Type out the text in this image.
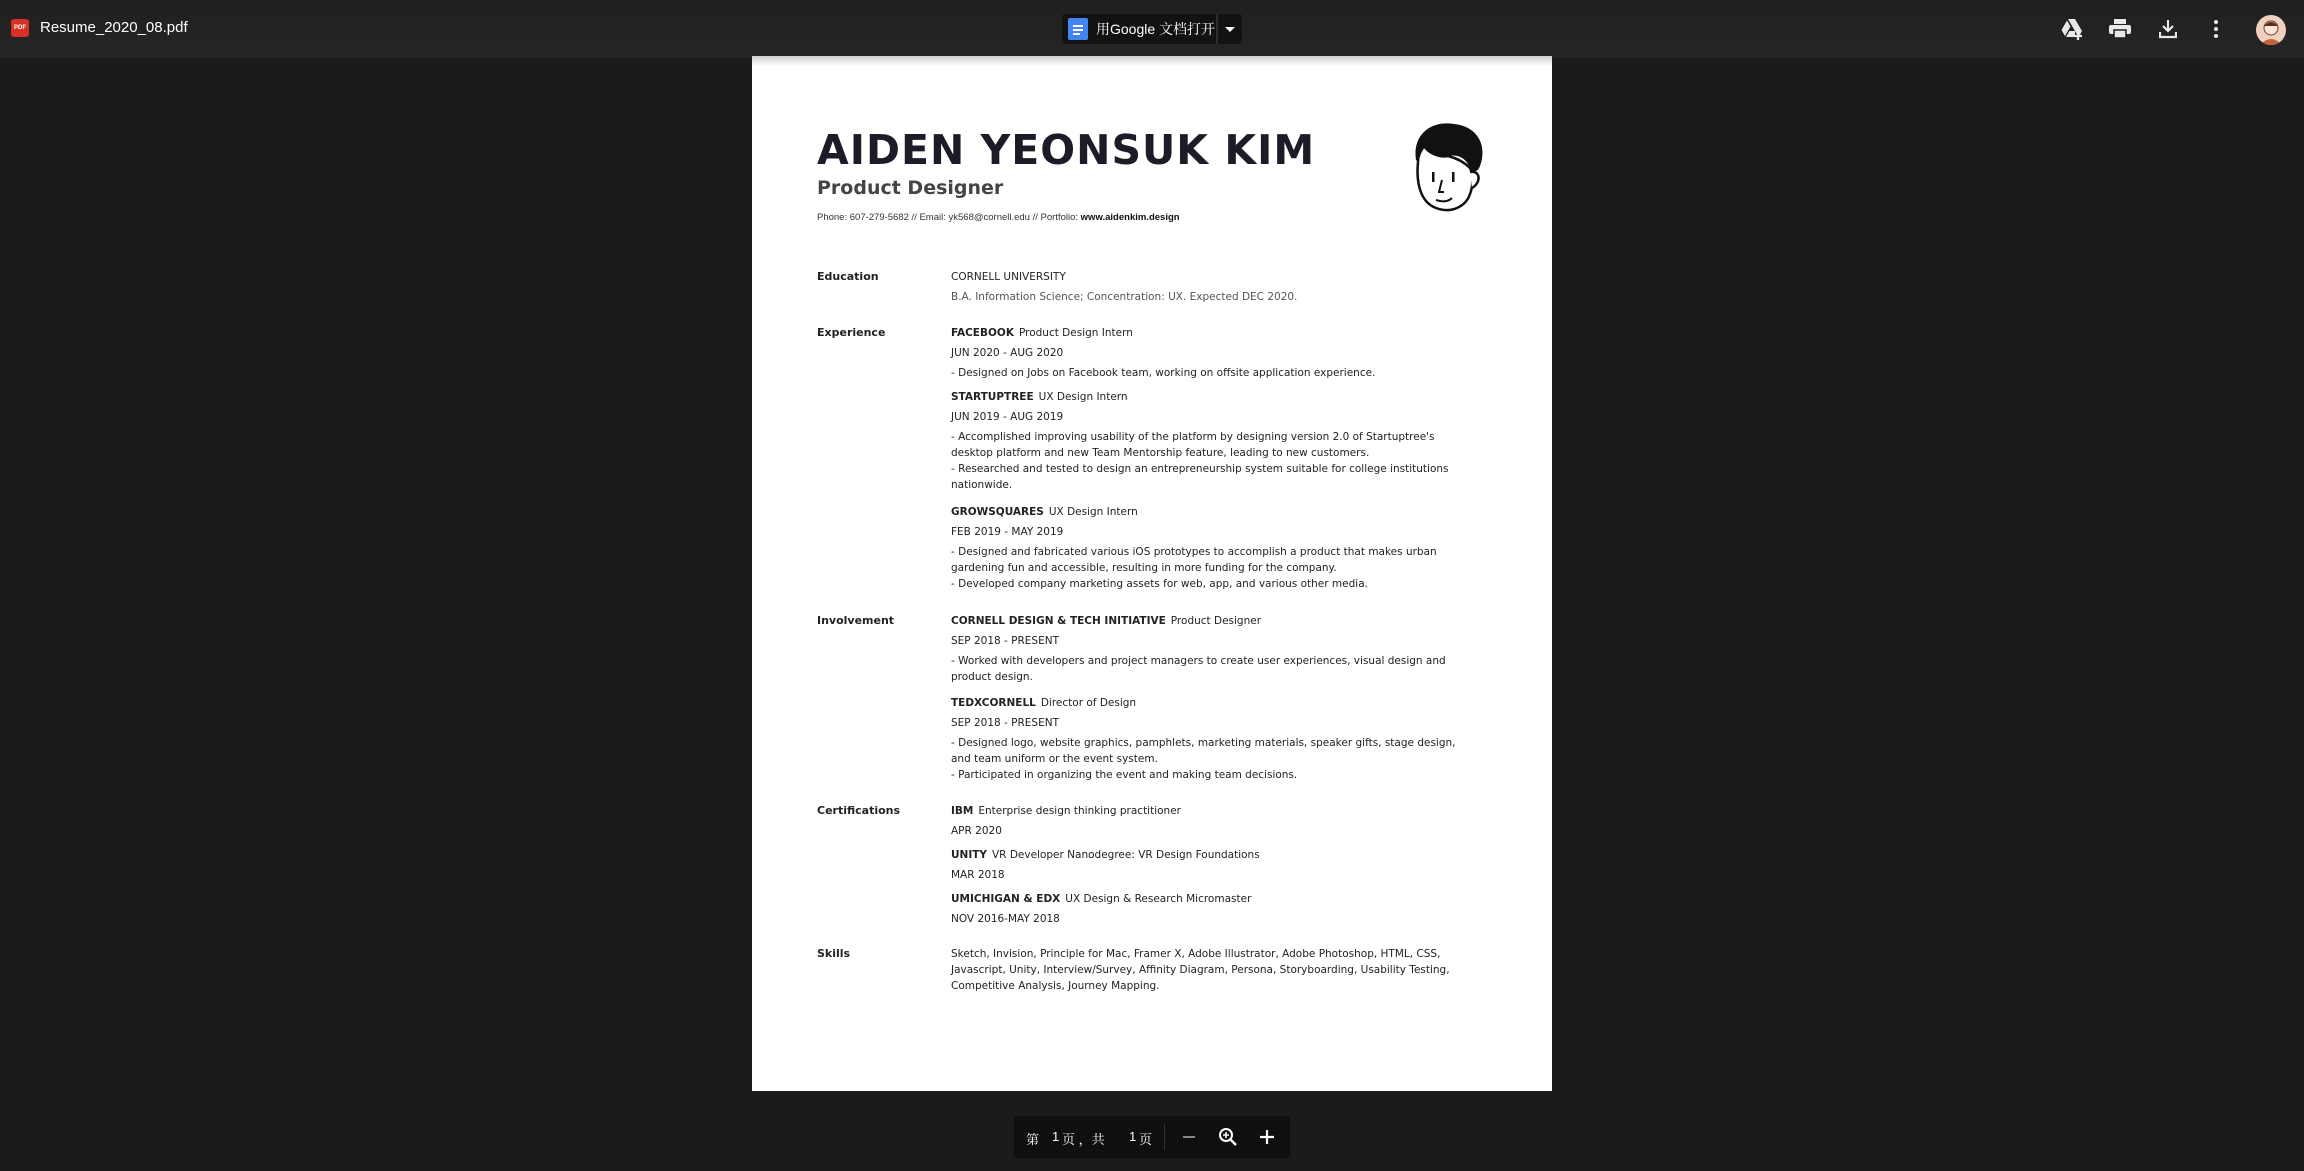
PDF Resume_2020_08.pdf	用Google 文档打开
AIDEN YEONSUK KIM
Product Designer
Phone: 607-279-5682 // Email: yk568@cornell.edu // Portfolio: www.aidenkim.design
Education	CORNELL UNIVERSITY
B.A. Information Science; Concentration: UX. Expected DEC 2020.
Experience	FACEBOOK Product Design Intern
JUN 2020 - AUG 2020
- Designed on Jobs on Facebook team, working on offsite application experience.
STARTUPTREE UX Design Intern
JUN 2019 - AUG 2019
- Accomplished improving usability of the platform by designing version 2.0 of Startuptree's desktop platform and new Team Mentorship feature, leading to new customers.
- Researched and tested to design an entrepreneurship system suitable for college institutions nationwide.
GROWSQUARES UX Design Intern
FEB 2019 - MAY 2019
- Designed and fabricated various iOS prototypes to accomplish a product that makes urban gardening fun and accessible, resulting in more funding for the company.
- Developed company marketing assets for web, app, and various other media.
Involvement	CORNELL DESIGN & TECH INITIATIVE Product Designer
SEP 2018 - PRESENT
- Worked with developers and project managers to create user experiences, visual design and product design.
TEDXCORNELL Director of Design
SEP 2018 - PRESENT
- Designed logo, website graphics, pamphlets, marketing materials, speaker gifts, stage design, and team uniform or the event system.
- Participated in organizing the event and making team decisions.
Certifications	IBM Enterprise design thinking practitioner
APR 2020
UNITY VR Developer Nanodegree: VR Design Foundations
MAR 2018
UMICHIGAN & EDX UX Design & Research Micromaster
NOV 2016-MAY 2018
Skills	Sketch, Invision, Principle for Mac, Framer X, Adobe Illustrator, Adobe Photoshop, HTML, CSS, Javascript, Unity, Interview/Survey, Affinity Diagram, Persona, Storyboarding, Usability Testing, Competitive Analysis, Journey Mapping.
第 1 页 ，共 1 页
